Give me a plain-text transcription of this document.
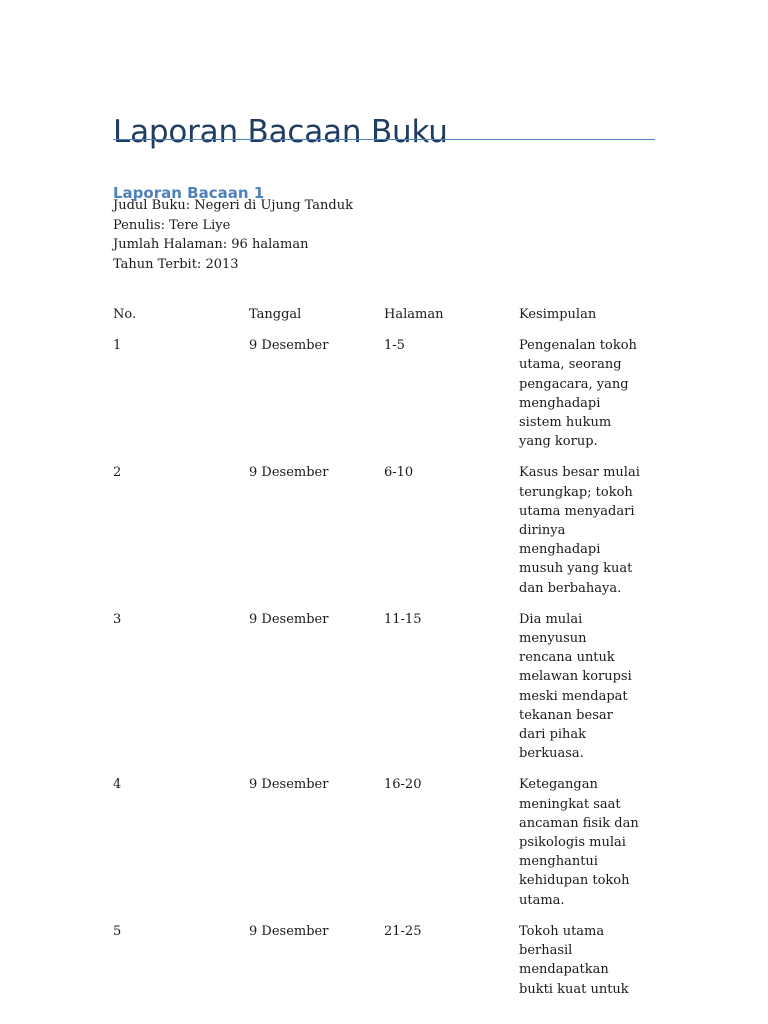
Laporan Bacaan Buku
Laporan Bacaan 1
Judul Buku: Negeri di Ujung Tanduk
Penulis: Tere Liye
Jumlah Halaman: 96 halaman
Tahun Terbit: 2013
No.	Tanggal	Halaman	Kesimpulan
1	9 Desember	1-5	Pengenalan tokoh utama, seorang pengacara, yang menghadapi sistem hukum yang korup.
2	9 Desember	6-10	Kasus besar mulai terungkap; tokoh utama menyadari dirinya menghadapi musuh yang kuat dan berbahaya.
3	9 Desember	11-15	Dia mulai menyusun rencana untuk melawan korupsi meski mendapat tekanan besar dari pihak berkuasa.
4	9 Desember	16-20	Ketegangan meningkat saat ancaman fisik dan psikologis mulai menghantui kehidupan tokoh utama.
5	9 Desember	21-25	Tokoh utama berhasil mendapatkan bukti kuat untuk
